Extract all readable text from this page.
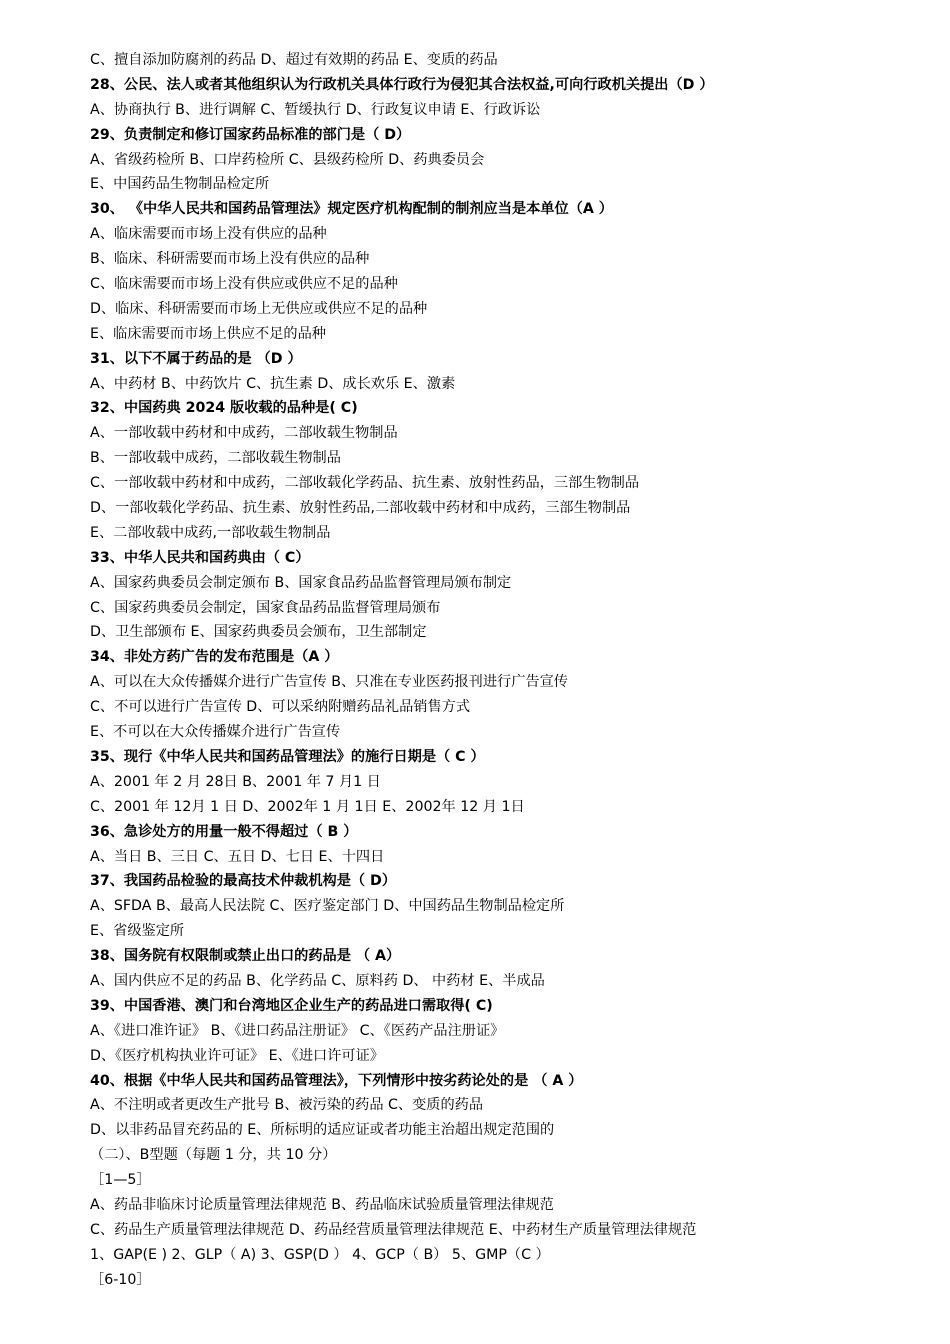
C、擅自添加防腐剂的药品 D、超过有效期的药品 E、变质的药品
28、公民、法人或者其他组织认为行政机关具体行政行为侵犯其合法权益,可向行政机关提出（D ）
A、协商执行 B、进行调解 C、暂缓执行 D、行政复议申请 E、行政诉讼
29、负责制定和修订国家药品标准的部门是（ D）
A、省级药检所 B、口岸药检所 C、县级药检所 D、药典委员会
E、中国药品生物制品检定所
30、 《中华人民共和国药品管理法》规定医疗机构配制的制剂应当是本单位（A ）
A、临床需要而市场上没有供应的品种
B、临床、科研需要而市场上没有供应的品种
C、临床需要而市场上没有供应或供应不足的品种
D、临床、科研需要而市场上无供应或供应不足的品种
E、临床需要而市场上供应不足的品种
31、以下不属于药品的是 （D ）
A、中药材 B、中药饮片 C、抗生素 D、成长欢乐 E、激素
32、中国药典 2024 版收载的品种是( C)
A、一部收载中药材和中成药，二部收载生物制品
B、一部收载中成药，二部收载生物制品
C、一部收载中药材和中成药，二部收载化学药品、抗生素、放射性药品，三部生物制品
D、一部收载化学药品、抗生素、放射性药品,二部收载中药材和中成药，三部生物制品
E、二部收载中成药,一部收载生物制品
33、中华人民共和国药典由（ C）
A、国家药典委员会制定颁布 B、国家食品药品监督管理局颁布制定
C、国家药典委员会制定，国家食品药品监督管理局颁布
D、卫生部颁布 E、国家药典委员会颁布，卫生部制定
34、非处方药广告的发布范围是（A ）
A、可以在大众传播媒介进行广告宣传 B、只准在专业医药报刊进行广告宣传
C、不可以进行广告宣传 D、可以采纳附赠药品礼品销售方式
E、不可以在大众传播媒介进行广告宣传
35、现行《中华人民共和国药品管理法》的施行日期是（ C ）
A、2001 年 2 月 28日 B、2001 年 7 月1 日
C、2001 年 12月 1 日 D、2002年 1 月 1日 E、2002年 12 月 1日
36、急诊处方的用量一般不得超过（ B ）
A、当日 B、三日 C、五日 D、七日 E、十四日
37、我国药品检验的最高技术仲裁机构是（ D）
A、SFDA B、最高人民法院 C、医疗鉴定部门 D、中国药品生物制品检定所
E、省级鉴定所
38、国务院有权限制或禁止出口的药品是 （ A）
A、国内供应不足的药品 B、化学药品 C、原料药 D、 中药材 E、半成品
39、中国香港、澳门和台湾地区企业生产的药品进口需取得( C)
A、《进口准许证》 B、《进口药品注册证》 C、《医药产品注册证》
D、《医疗机构执业许可证》 E、《进口许可证》
40、根据《中华人民共和国药品管理法》，下列情形中按劣药论处的是 （ A ）
A、不注明或者更改生产批号 B、被污染的药品 C、变质的药品
D、以非药品冒充药品的 E、所标明的适应证或者功能主治超出规定范围的
（二）、B型题（每题 1 分，共 10 分）
［1—5］
A、药品非临床讨论质量管理法律规范 B、药品临床试验质量管理法律规范
C、药品生产质量管理法律规范 D、药品经营质量管理法律规范 E、中药材生产质量管理法律规范
1、GAP(E ) 2、GLP（ A) 3、GSP(D ） 4、GCP（ B） 5、GMP（C ）
［6-10］
